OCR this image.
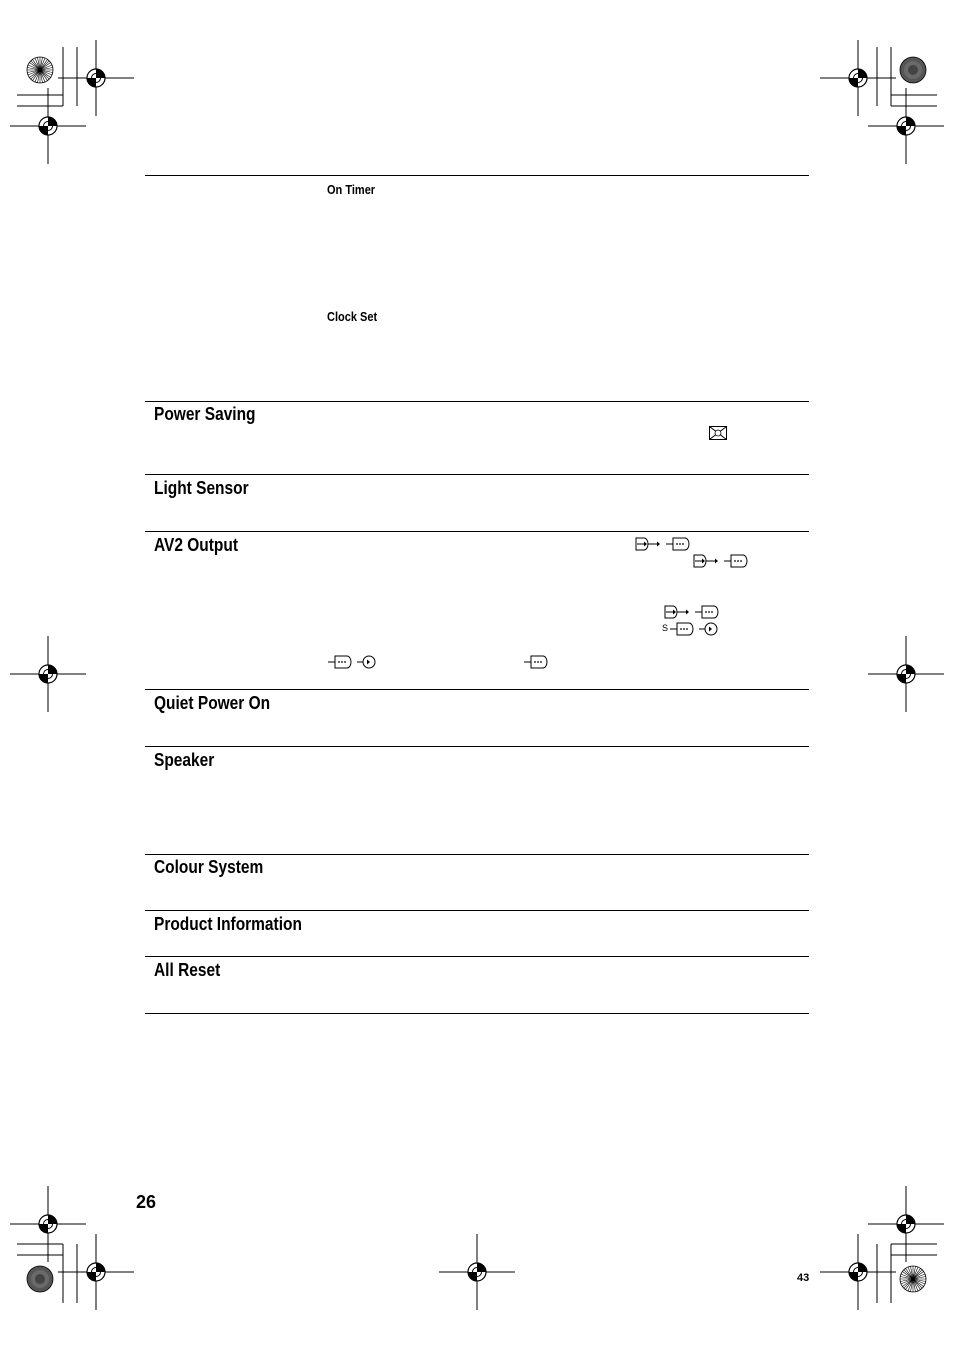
On Timer
Clock Set
Power Saving
Light Sensor
AV2 Output
S
Quiet Power On
Speaker
Colour System
Product Information
All Reset
26
43
